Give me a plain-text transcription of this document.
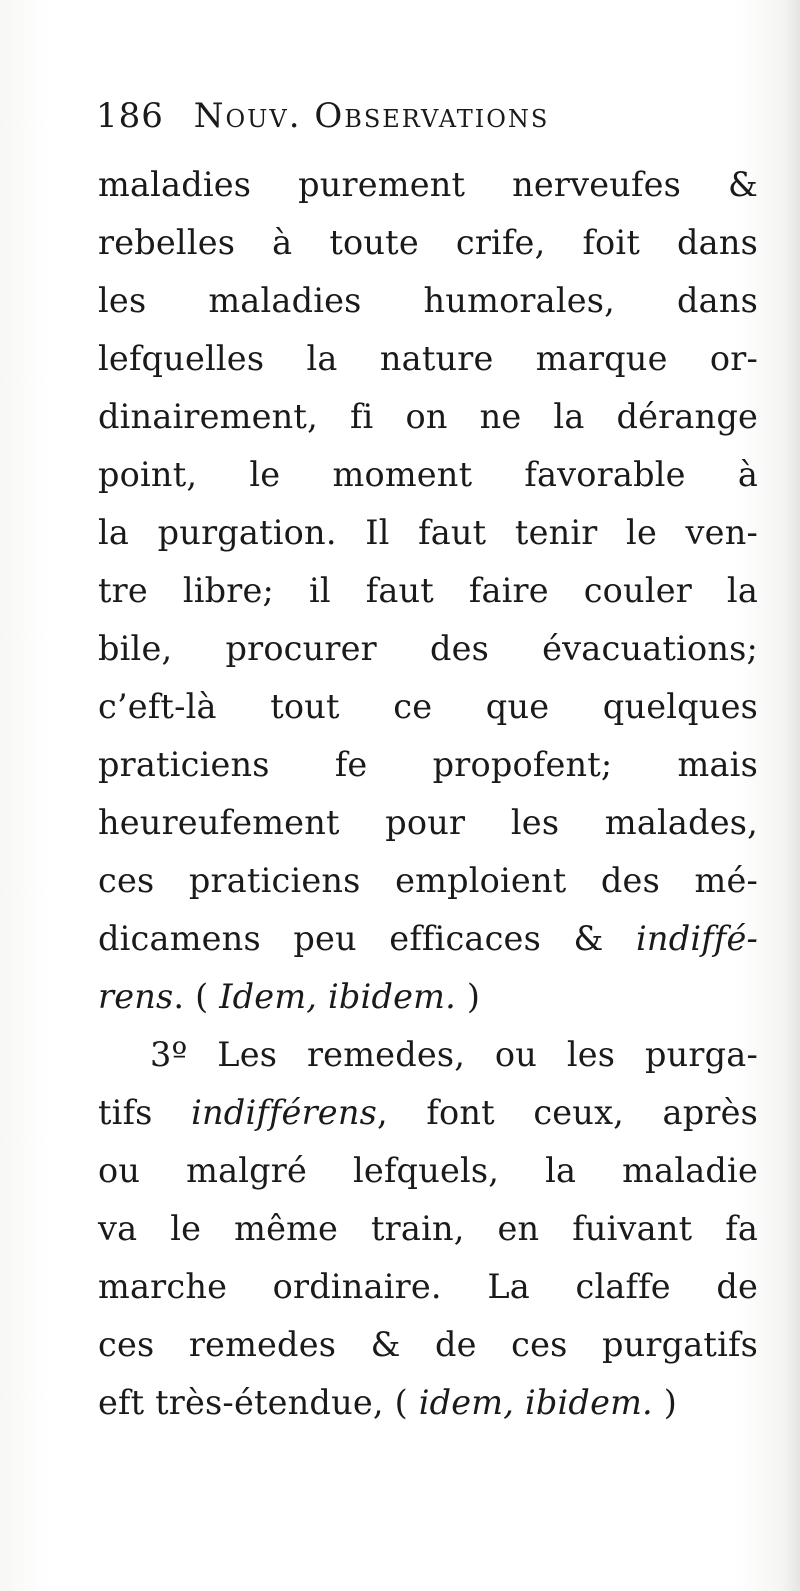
186 Nouv. Observations
maladies purement nerveufes &
rebelles à toute crife, foit dans
les maladies humorales, dans
lefquelles la nature marque or-
dinairement, fi on ne la dérange
point, le moment favorable à
la purgation. Il faut tenir le ven-
tre libre; il faut faire couler la
bile, procurer des évacuations;
c’eft-là tout ce que quelques
praticiens fe propofent; mais
heureufement pour les malades,
ces praticiens emploient des mé-
dicamens peu efficaces & indiffé-
rens. ( Idem, ibidem. )
3º Les remedes, ou les purga-
tifs indifférens, font ceux, après
ou malgré lefquels, la maladie
va le même train, en fuivant fa
marche ordinaire. La claffe de
ces remedes & de ces purgatifs
eft très-étendue, ( idem, ibidem. )
